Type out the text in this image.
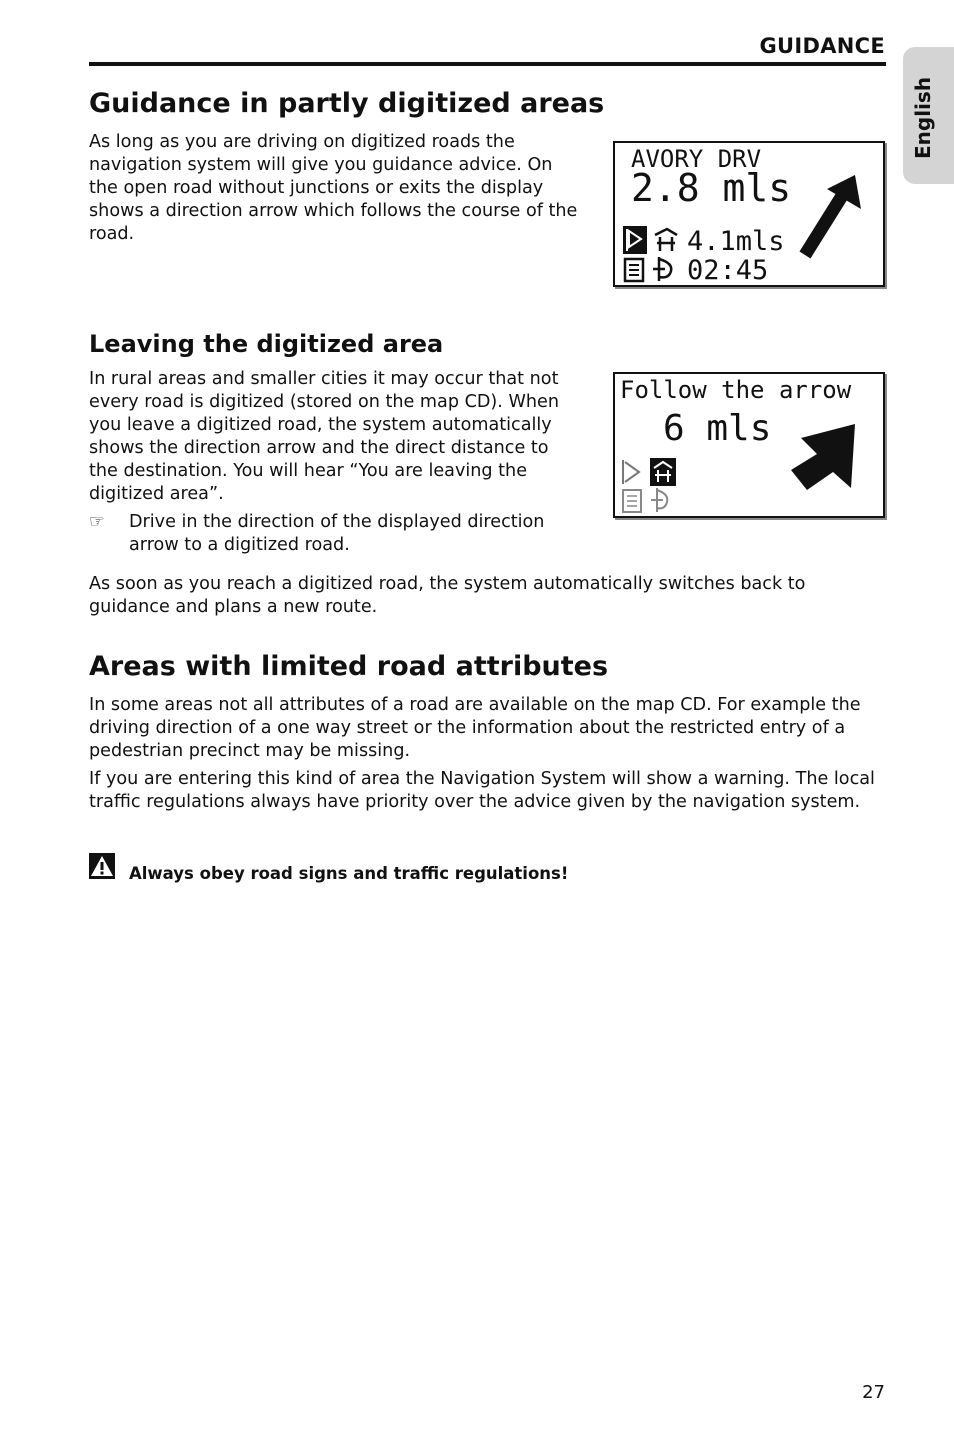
GUIDANCE
English
Guidance in partly digitized areas

As long as you are driving on digitized roads the navigation system will give you guidance advice. On the open road without junctions or exits the display shows a direction arrow which follows the course of the road.

AVORY DRV
2.8 mls
4.1mls
02:45
Leaving the digitized area

In rural areas and smaller cities it may occur that not every road is digitized (stored on the map CD). When you leave a digitized road, the system automatically shows the direction arrow and the direct distance to the destination. You will hear “You are leaving the digitized area”.

☞	Drive in the direction of the displayed direction arrow to a digitized road.

Follow the arrow
6 mls

As soon as you reach a digitized road, the system automatically switches back to guidance and plans a new route.

Areas with limited road attributes

In some areas not all attributes of a road are available on the map CD. For example the driving direction of a one way street or the information about the restricted entry of a pedestrian precinct may be missing.

If you are entering this kind of area the Navigation System will show a warning. The local traffic regulations always have priority over the advice given by the navigation system.

Always obey road signs and traffic regulations!

27
